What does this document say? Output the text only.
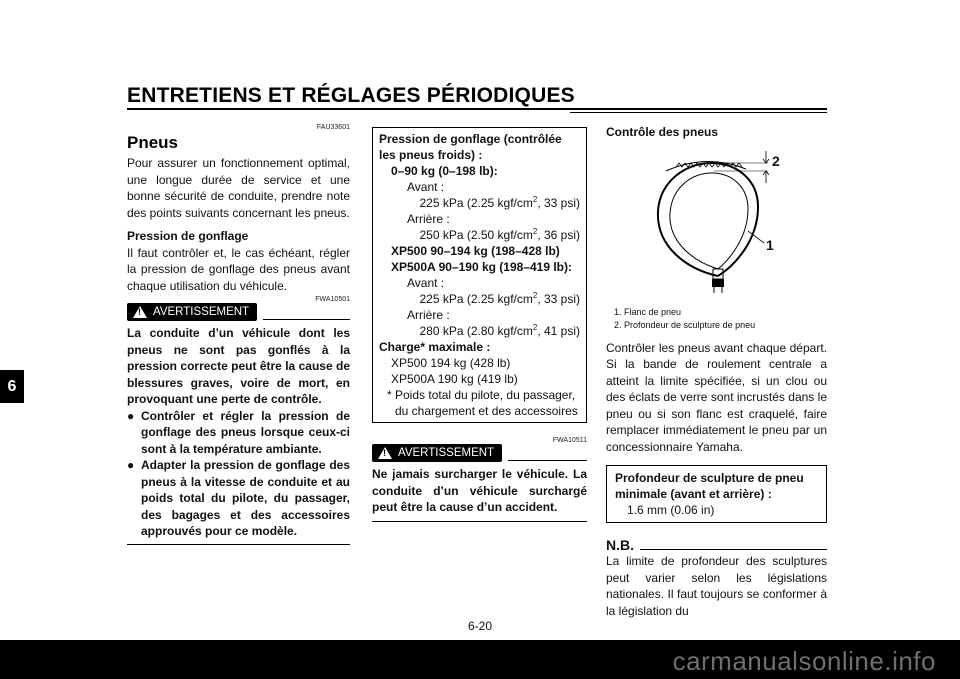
ENTRETIENS ET RÉGLAGES PÉRIODIQUES
6
FAU33601
Pneus
Pour assurer un fonctionnement optimal, une longue durée de service et une bonne sécurité de conduite, prendre note des points suivants concernant les pneus.
Pression de gonflage
Il faut contrôler et, le cas échéant, régler la pression de gonflage des pneus avant chaque utilisation du véhicule.
FWA10501
! AVERTISSEMENT
La conduite d’un véhicule dont les pneus ne sont pas gonflés à la pression correcte peut être la cause de blessures graves, voire de mort, en provoquant une perte de contrôle.
● Contrôler et régler la pression de gonflage des pneus lorsque ceux-ci sont à la température ambiante.
● Adapter la pression de gonflage des pneus à la vitesse de conduite et au poids total du pilote, du passager, des bagages et des accessoires approuvés pour ce modèle.
Pression de gonflage (contrôlée les pneus froids) :
0–90 kg (0–198 lb):
Avant :
225 kPa (2.25 kgf/$cm^2$, 33 psi)
Arrière :
250 kPa (2.50 kgf/$cm^2$, 36 psi)
XP500 90–194 kg (198–428 lb)
XP500A 90–190 kg (198–419 lb):
Avant :
225 kPa (2.25 kgf/$cm^2$, 33 psi)
Arrière :
280 kPa (2.80 kgf/$cm^2$, 41 psi)
Charge* maximale :
XP500 194 kg (428 lb)
XP500A 190 kg (419 lb)
* Poids total du pilote, du passager, du chargement et des accessoires
FWA10511
! AVERTISSEMENT
Ne jamais surcharger le véhicule. La conduite d’un véhicule surchargé peut être la cause d’un accident.
Contrôle des pneus
1
2
1. Flanc de pneu
2. Profondeur de sculpture de pneu
Contrôler les pneus avant chaque départ. Si la bande de roulement centrale a atteint la limite spécifiée, si un clou ou des éclats de verre sont incrustés dans le pneu ou si son flanc est craquelé, faire remplacer immédiatement le pneu par un concessionnaire Yamaha.
Profondeur de sculpture de pneu minimale (avant et arrière) :
1.6 mm (0.06 in)
N.B.
La limite de profondeur des sculptures peut varier selon les législations nationales. Il faut toujours se conformer à la législation du
6-20
carmanualsonline.info
